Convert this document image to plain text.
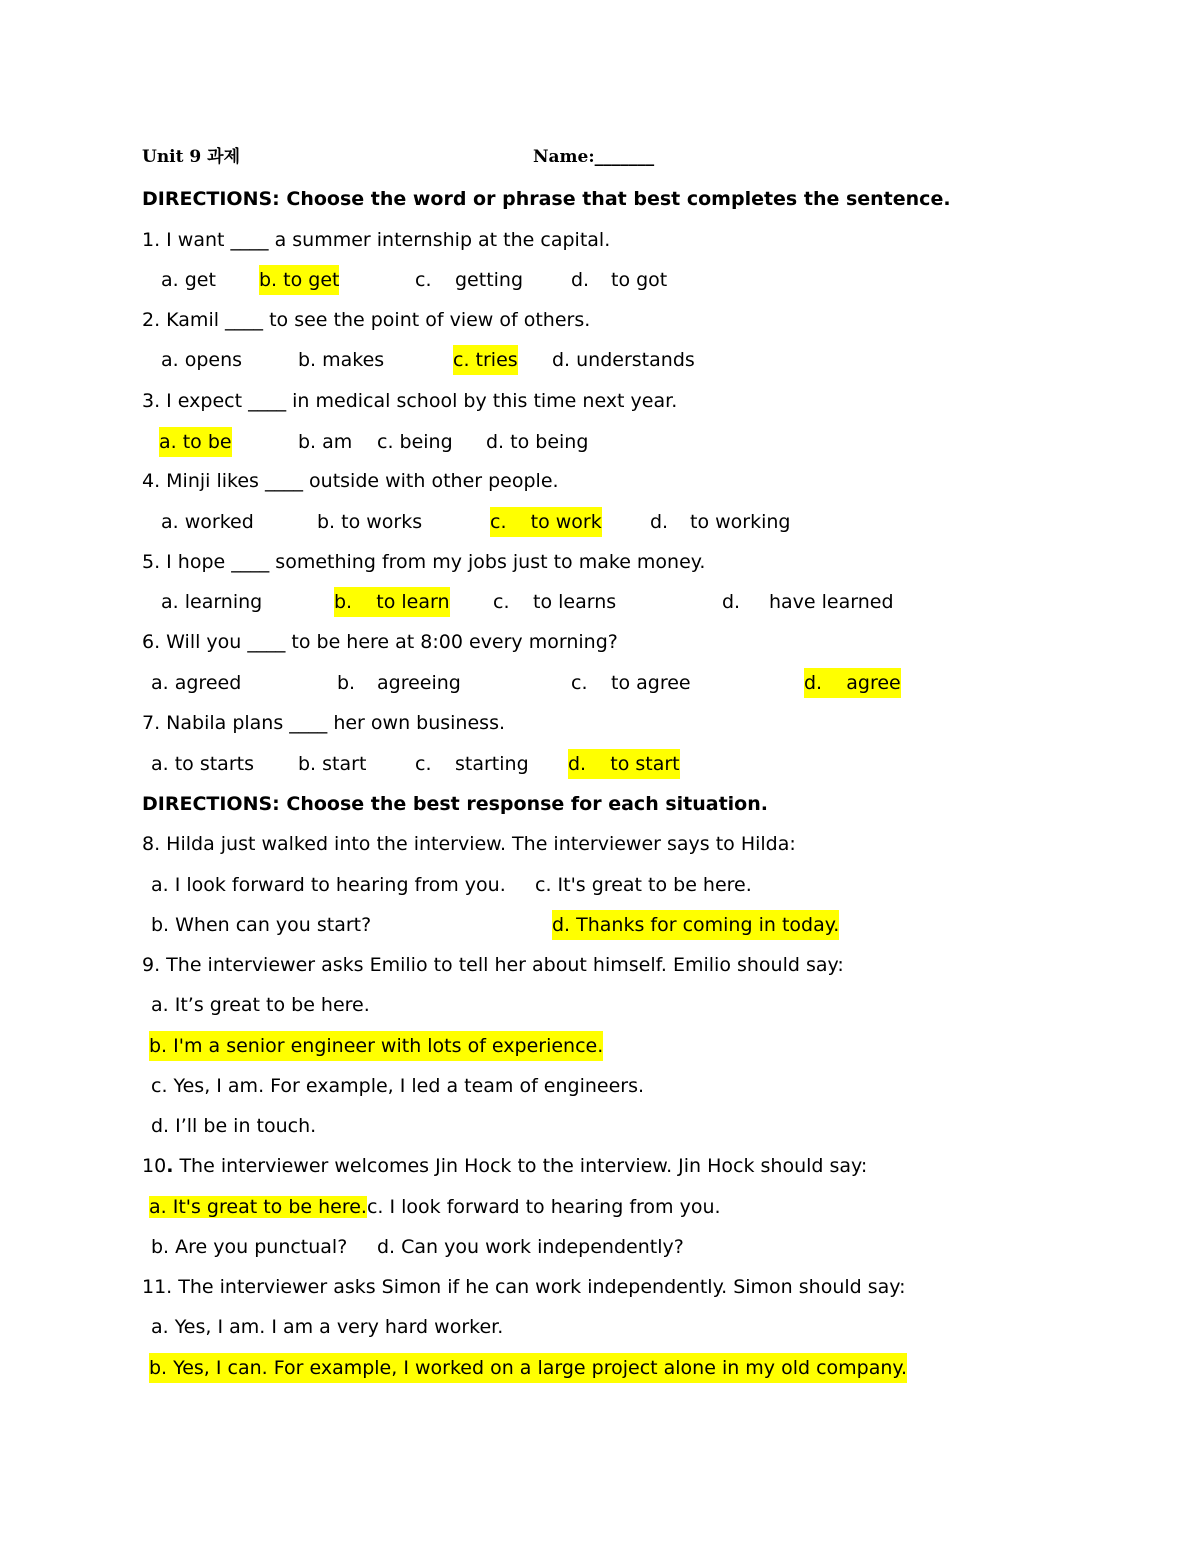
Unit 9 과제

	Name:_______

DIRECTIONS: Choose the word or phrase that best completes the sentence.

1. I want ____ a summer internship at the capital.

a. get

b. to get

	c.

getting

	d.

to got

2. Kamil ____ to see the point of view of others.

a. opens

	b. makes

	c. tries

d. understands

3. I expect ____ in medical school by this time next year.

a. to be

	b. am

c. being

d. to being

4. Minji likes ____ outside with other people.

a. worked

	b. to works

	c.    to work

	d.

to working

5. I hope ____ something from my jobs just to make money.

a. learning

	b.    to learn

c.

to learns

	d.

have learned

6. Will you ____ to be here at 8:00 every morning?

a. agreed

	b.

agreeing

	c.

to agree

	d.    agree

7. Nabila plans ____ her own business.

a. to starts

b. start

	c.

starting

d.    to start

DIRECTIONS: Choose the best response for each situation.

8. Hilda just walked into the interview. The interviewer says to Hilda:

a. I look forward to hearing from you.

c. It's great to be here.

b. When can you start?

	d. Thanks for coming in today.

9. The interviewer asks Emilio to tell her about himself. Emilio should say:

a. It’s great to be here.

b. I'm a senior engineer with lots of experience.

c. Yes, I am. For example, I led a team of engineers.

d. I’ll be in touch.

10. The interviewer welcomes Jin Hock to the interview. Jin Hock should say:

a. It's great to be here.c. I look forward to hearing from you.

b. Are you punctual?

d. Can you work independently?

11. The interviewer asks Simon if he can work independently. Simon should say:

a. Yes, I am. I am a very hard worker.

b. Yes, I can. For example, I worked on a large project alone in my old company.
